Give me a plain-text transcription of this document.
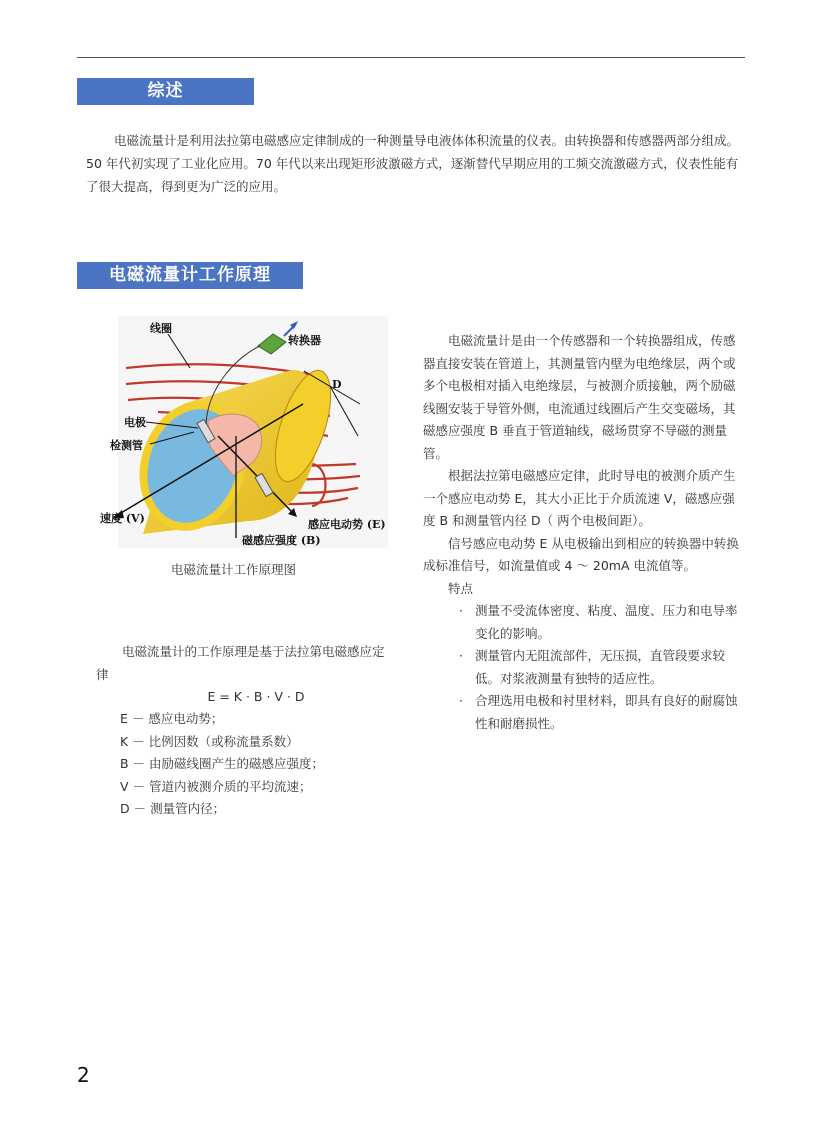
综述
电磁流量计是利用法拉第电磁感应定律制成的一种测量导电液体体积流量的仪表。由转换器和传感器两部分组成。50 年代初实现了工业化应用。70 年代以来出现矩形波激磁方式，逐渐替代早期应用的工频交流激磁方式，仪表性能有了很大提高，得到更为广泛的应用。
电磁流量计工作原理
线圈
转换器
D
电极
检测管
速度 (V)	感应电动势 (E)
磁感应强度 (B)
电磁流量计工作原理图

电磁流量计是由一个传感器和一个转换器组成，传感器直接安装在管道上，其测量管内壁为电绝缘层，两个或多个电极相对插入电绝缘层，与被测介质接触，两个励磁线圈安装于导管外侧，电流通过线圈后产生交变磁场，其磁感应强度 B 垂直于管道轴线，磁场贯穿不导磁的测量管。

根据法拉第电磁感应定律，此时导电的被测介质产生一个感应电动势 E，其大小正比于介质流速 V，磁感应强度 B 和测量管内径 D（ 两个电极间距）。

信号感应电动势 E 从电极输出到相应的转换器中转换成标准信号，如流量值或 4 ～ 20mA 电流值等。

特点
· 测量不受流体密度、粘度、温度、压力和电导率变化的影响。
· 测量管内无阻流部件，无压损，直管段要求较低。对浆液测量有独特的适应性。
· 合理选用电极和衬里材料，即具有良好的耐腐蚀性和耐磨损性。
电磁流量计的工作原理是基于法拉第电磁感应定律
E = K · B · V · D
E － 感应电动势；
K － 比例因数（或称流量系数）
B － 由励磁线圈产生的磁感应强度；
V － 管道内被测介质的平均流速；
D － 测量管内径；
2
